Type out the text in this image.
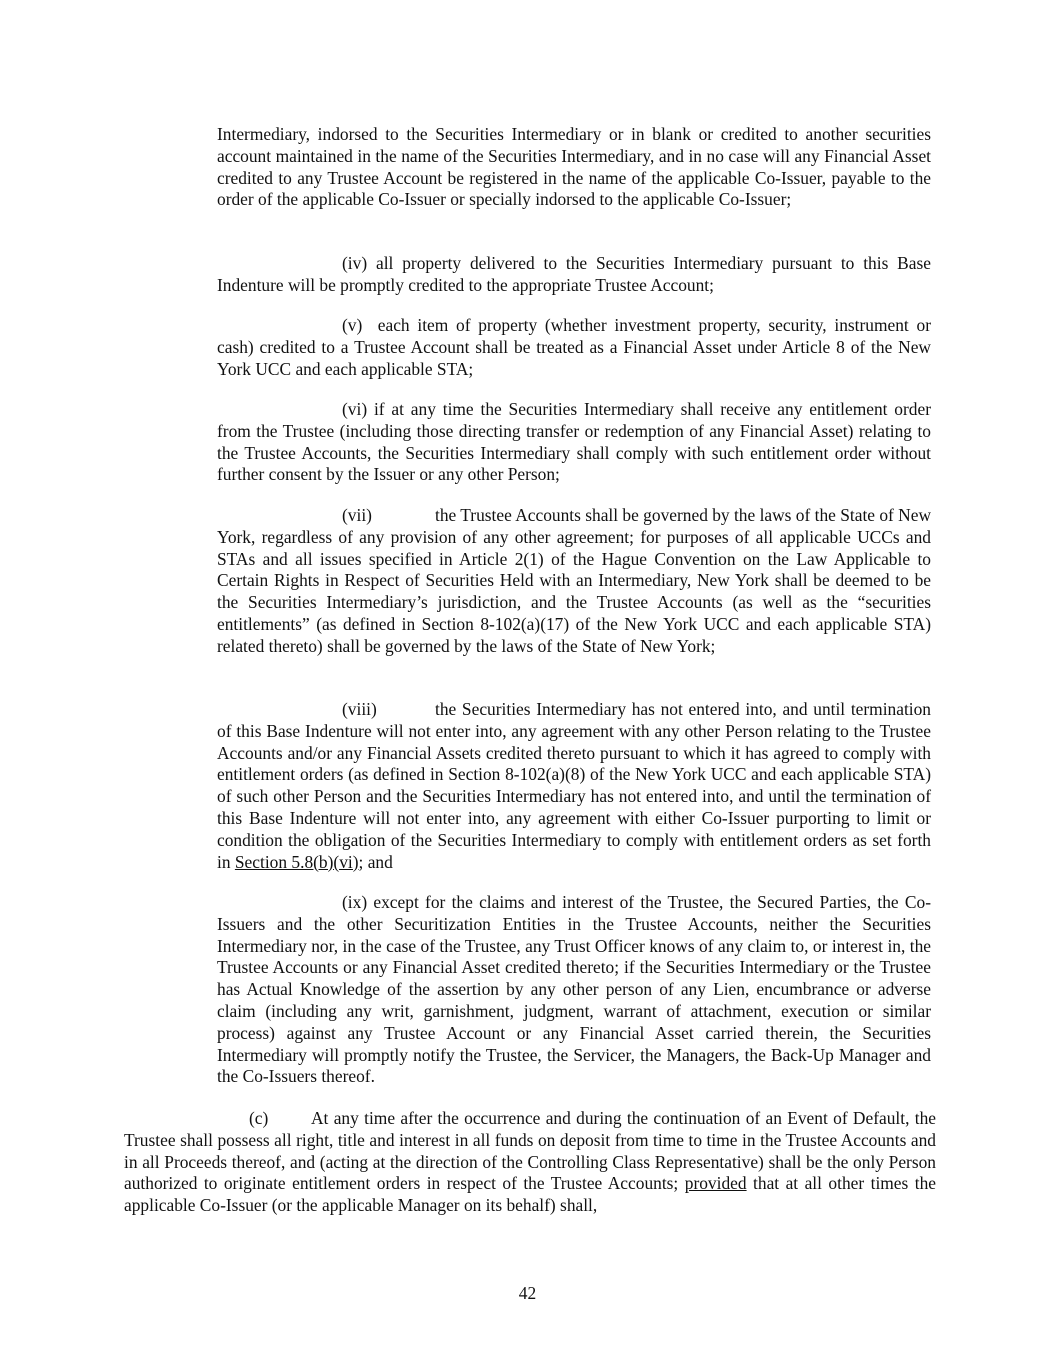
Intermediary, indorsed to the Securities Intermediary or in blank or credited to another securities account maintained in the name of the Securities Intermediary, and in no case will any Financial Asset credited to any Trustee Account be registered in the name of the applicable Co-Issuer, payable to the order of the applicable Co-Issuer or specially indorsed to the applicable Co-Issuer;

(iv) all property delivered to the Securities Intermediary pursuant to this Base Indenture will be promptly credited to the appropriate Trustee Account;

(v) each item of property (whether investment property, security, instrument or cash) credited to a Trustee Account shall be treated as a Financial Asset under Article 8 of the New York UCC and each applicable STA;

(vi) if at any time the Securities Intermediary shall receive any entitlement order from the Trustee (including those directing transfer or redemption of any Financial Asset) relating to the Trustee Accounts, the Securities Intermediary shall comply with such entitlement order without further consent by the Issuer or any other Person;

(vii)	the Trustee Accounts shall be governed by the laws of the State of New York, regardless of any provision of any other agreement; for purposes of all applicable UCCs and STAs and all issues specified in Article 2(1) of the Hague Convention on the Law Applicable to Certain Rights in Respect of Securities Held with an Intermediary, New York shall be deemed to be the Securities Intermediary’s jurisdiction, and the Trustee Accounts (as well as the “securities entitlements” (as defined in Section 8-102(a)(17) of the New York UCC and each applicable STA) related thereto) shall be governed by the laws of the State of New York;

(viii)	the Securities Intermediary has not entered into, and until termination of this Base Indenture will not enter into, any agreement with any other Person relating to the Trustee Accounts and/or any Financial Assets credited thereto pursuant to which it has agreed to comply with entitlement orders (as defined in Section 8-102(a)(8) of the New York UCC and each applicable STA) of such other Person and the Securities Intermediary has not entered into, and until the termination of this Base Indenture will not enter into, any agreement with either Co-Issuer purporting to limit or condition the obligation of the Securities Intermediary to comply with entitlement orders as set forth in Section 5.8(b)(vi); and

(ix) except for the claims and interest of the Trustee, the Secured Parties, the Co-Issuers and the other Securitization Entities in the Trustee Accounts, neither the Securities Intermediary nor, in the case of the Trustee, any Trust Officer knows of any claim to, or interest in, the Trustee Accounts or any Financial Asset credited thereto; if the Securities Intermediary or the Trustee has Actual Knowledge of the assertion by any other person of any Lien, encumbrance or adverse claim (including any writ, garnishment, judgment, warrant of attachment, execution or similar process) against any Trustee Account or any Financial Asset carried therein, the Securities Intermediary will promptly notify the Trustee, the Servicer, the Managers, the Back-Up Manager and the Co-Issuers thereof.

(c) At any time after the occurrence and during the continuation of an Event of Default, the Trustee shall possess all right, title and interest in all funds on deposit from time to time in the Trustee Accounts and in all Proceeds thereof, and (acting at the direction of the Controlling Class Representative) shall be the only Person authorized to originate entitlement orders in respect of the Trustee Accounts; provided that at all other times the applicable Co-Issuer (or the applicable Manager on its behalf) shall,

42
